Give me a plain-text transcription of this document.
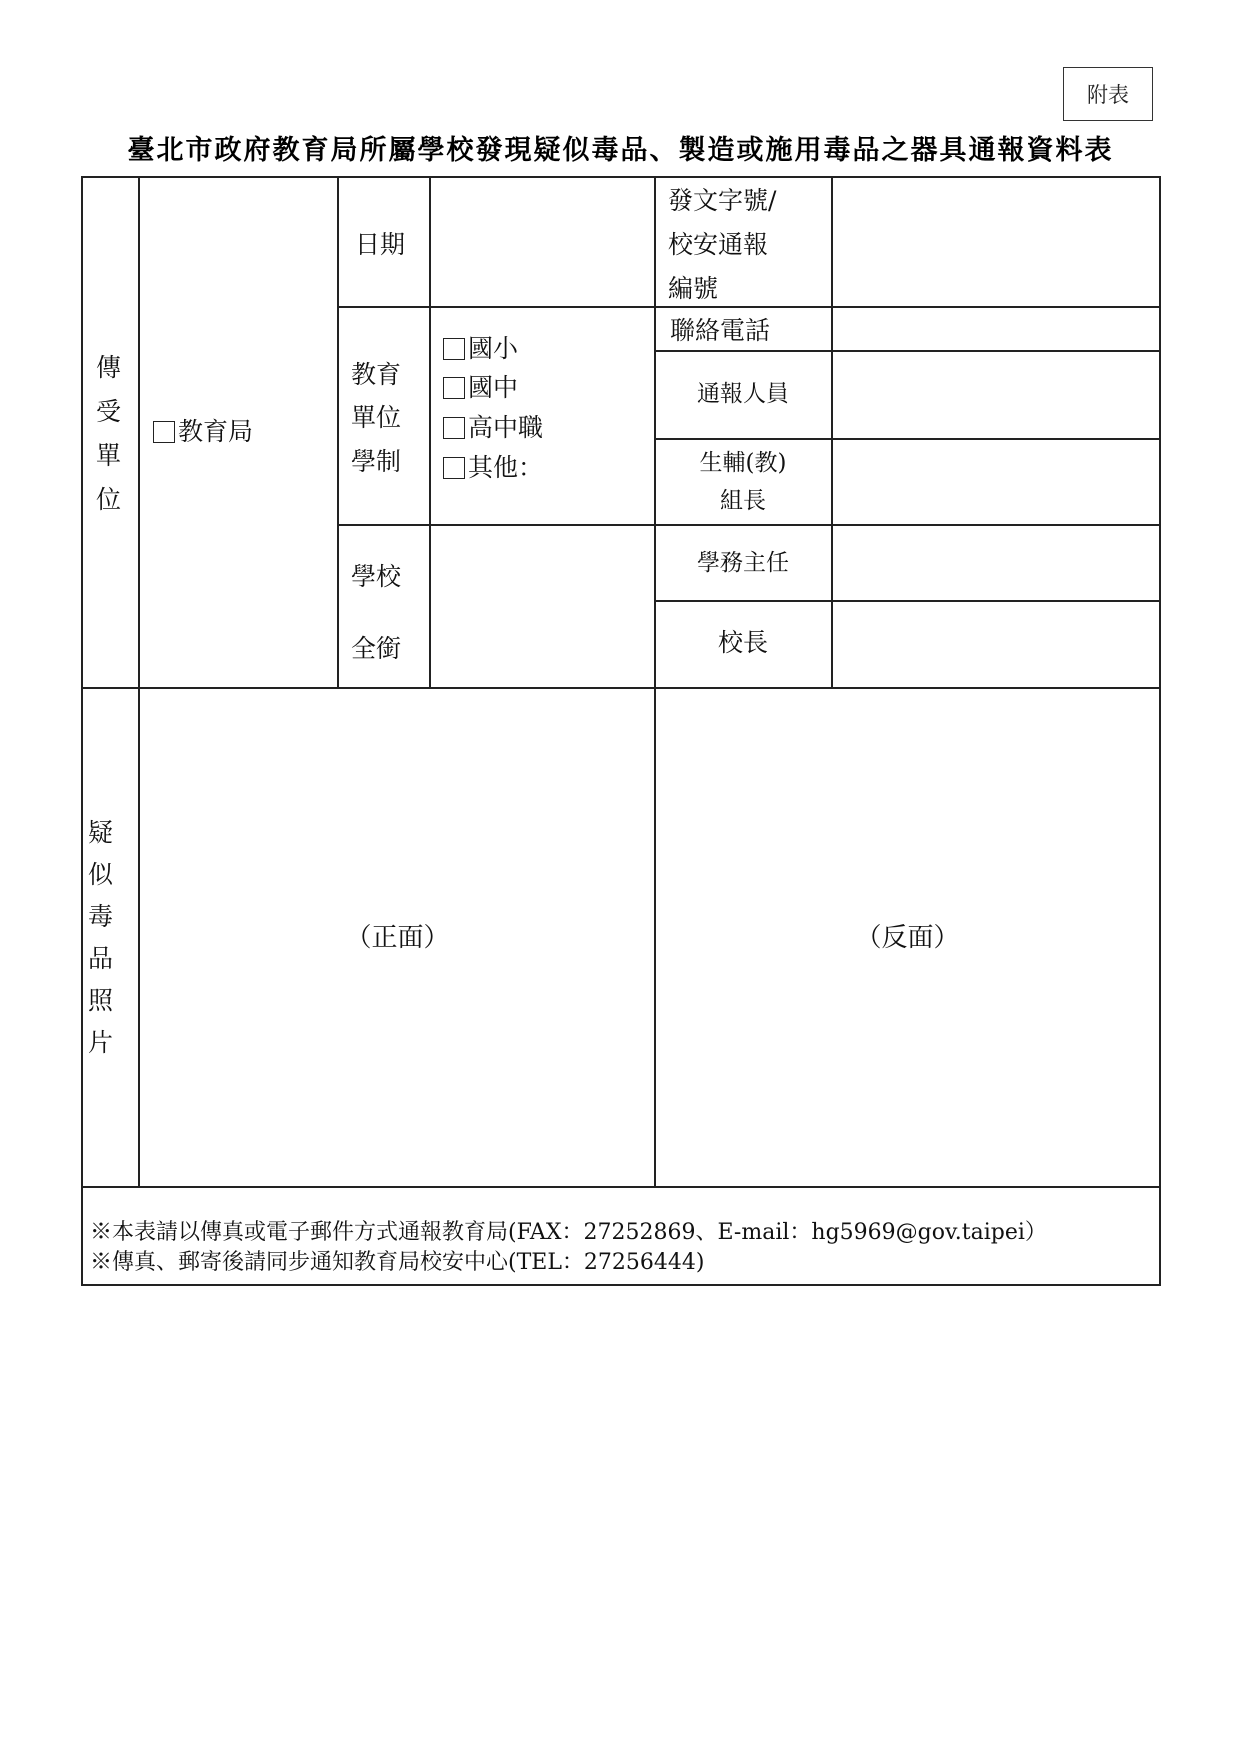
附表
臺北市政府教育局所屬學校發現疑似毒品、製造或施用毒品之器具通報資料表
傳
受
單
位
教育局
日期
發文字號/
校安通報
編號
教育
單位
學制
國小
國中
高中職
其他：
聯絡電話
通報人員
生輔(教)
組長
學校
全銜
學務主任
校長
疑
似
毒
品
照
片
（正面）	（反面）
※本表請以傳真或電子郵件方式通報教育局(FAX：27252869、E-mail：hg5969@gov.taipei）
※傳真、郵寄後請同步通知教育局校安中心(TEL：27256444)
